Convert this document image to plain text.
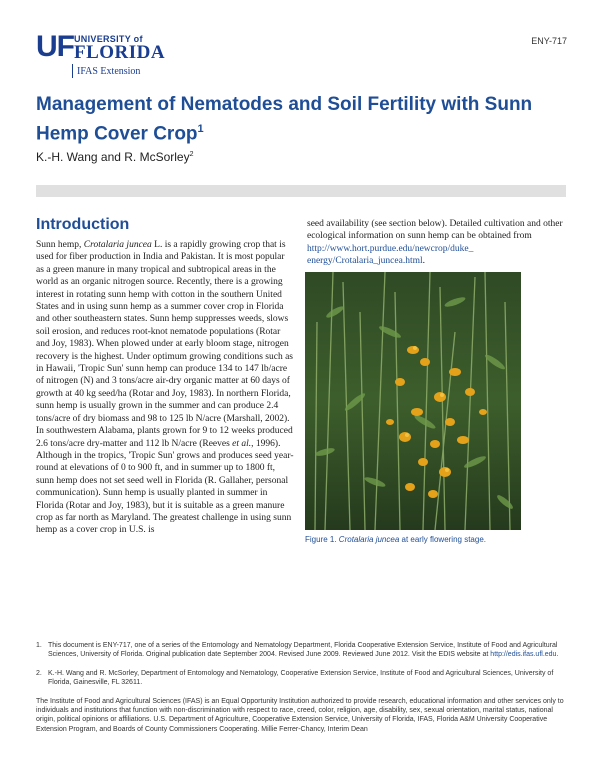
UF UNIVERSITY of
FLORIDA
IFAS Extension
ENY-717
Management of Nematodes and Soil Fertility with Sunn Hemp Cover Crop$^1$
K.-H. Wang and R. McSorley$^2$
Introduction

Sunn hemp, Crotalaria juncea L. is a rapidly growing crop that is used for fiber production in India and Pakistan. It is most popular as a green manure in many tropical and subtropical areas in the world as an organic nitrogen source. Recently, there is a growing interest in rotating sunn hemp with cotton in the southern United States and in using sunn hemp as a summer cover crop in Florida and other southeastern states. Sunn hemp suppresses weeds, slows soil erosion, and reduces root-knot nematode populations (Rotar and Joy, 1983). When plowed under at early bloom stage, nitrogen recovery is the highest. Under optimum growing conditions such as in Hawaii, 'Tropic Sun' sunn hemp can produce 134 to 147 lb/acre of nitrogen (N) and 3 tons/acre air-dry organic matter at 60 days of growth at 40 kg seed/ha (Rotar and Joy, 1983). In northern Florida, sunn hemp is usually grown in the summer and can produce 2.4 tons/acre of dry biomass and 98 to 125 lb N/acre (Marshall, 2002). In southwestern Alabama, plants grown for 9 to 12 weeks produced 2.6 tons/acre dry-matter and 112 lb N/acre (Reeves et al., 1996). Although in the tropics, 'Tropic Sun' grows and produces seed year-round at elevations of 0 to 900 ft, and in summer up to 1800 ft, sunn hemp does not set seed well in Florida (R. Gallaher, personal communication). Sunn hemp is usually planted in summer in Florida (Rotar and Joy, 1983), but it is suitable as a green manure crop as far north as Maryland. The greatest challenge in using sunn hemp as a cover crop in U.S. is

seed availability (see section below). Detailed cultivation and other ecological information on sunn hemp can be obtained from http://www.hort.purdue.edu/newcrop/duke_ energy/Crotalaria_juncea.html.

Figure 1. Crotalaria juncea at early flowering stage.
1. This document is ENY-717, one of a series of the Entomology and Nematology Department, Florida Cooperative Extension Service, Institute of Food and Agricultural Sciences, University of Florida. Original publication date September 2004. Revised June 2009. Reviewed June 2012. Visit the EDIS website at http://edis.ifas.ufl.edu.
2. K.-H. Wang and R. McSorley, Department of Entomology and Nematology, Cooperative Extension Service, Institute of Food and Agricultural Sciences, University of Florida, Gainesville, FL 32611.

The Institute of Food and Agricultural Sciences (IFAS) is an Equal Opportunity Institution authorized to provide research, educational information and other services only to individuals and institutions that function with non-discrimination with respect to race, creed, color, religion, age, disability, sex, sexual orientation, marital status, national origin, political opinions or affiliations. U.S. Department of Agriculture, Cooperative Extension Service, University of Florida, IFAS, Florida A&M University Cooperative Extension Program, and Boards of County Commissioners Cooperating. Millie Ferrer-Chancy, Interim Dean
